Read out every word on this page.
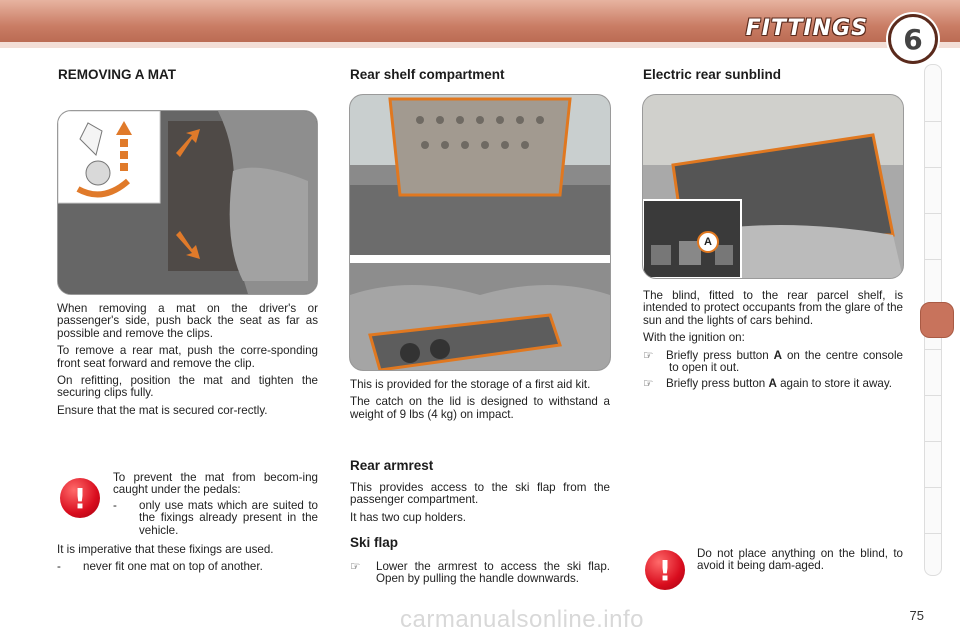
FITTINGS 6
REMOVING A MAT

When removing a mat on the driver's or passenger's side, push back the seat as far as possible and remove the clips.

To remove a rear mat, push the corre-sponding front seat forward and remove the clip.

On refitting, position the mat and tighten the securing clips fully.

Ensure that the mat is secured cor-rectly.

!

To prevent the mat from becom-ing caught under the pedals:

- only use mats which are suited to the fixings already present in the vehicle.

It is imperative that these fixings are used.

- never fit one mat on top of another.

Rear shelf compartment

This is provided for the storage of a first aid kit.

The catch on the lid is designed to withstand a weight of 9 lbs (4 kg) on impact.

Rear armrest

This provides access to the ski flap from the passenger compartment.

It has two cup holders.

Ski flap

☞ Lower the armrest to access the ski flap. Open by pulling the handle downwards.

Electric rear sunblind
A

The blind, fitted to the rear parcel shelf, is intended to protect occupants from the glare of the sun and the lights of cars behind.

With the ignition on:

☞ Briefly press button A on the centre console to open it out.

☞ Briefly press button A again to store it away.

! Do not place anything on the blind, to avoid it being dam-aged.

carmanualsonline.info	75
